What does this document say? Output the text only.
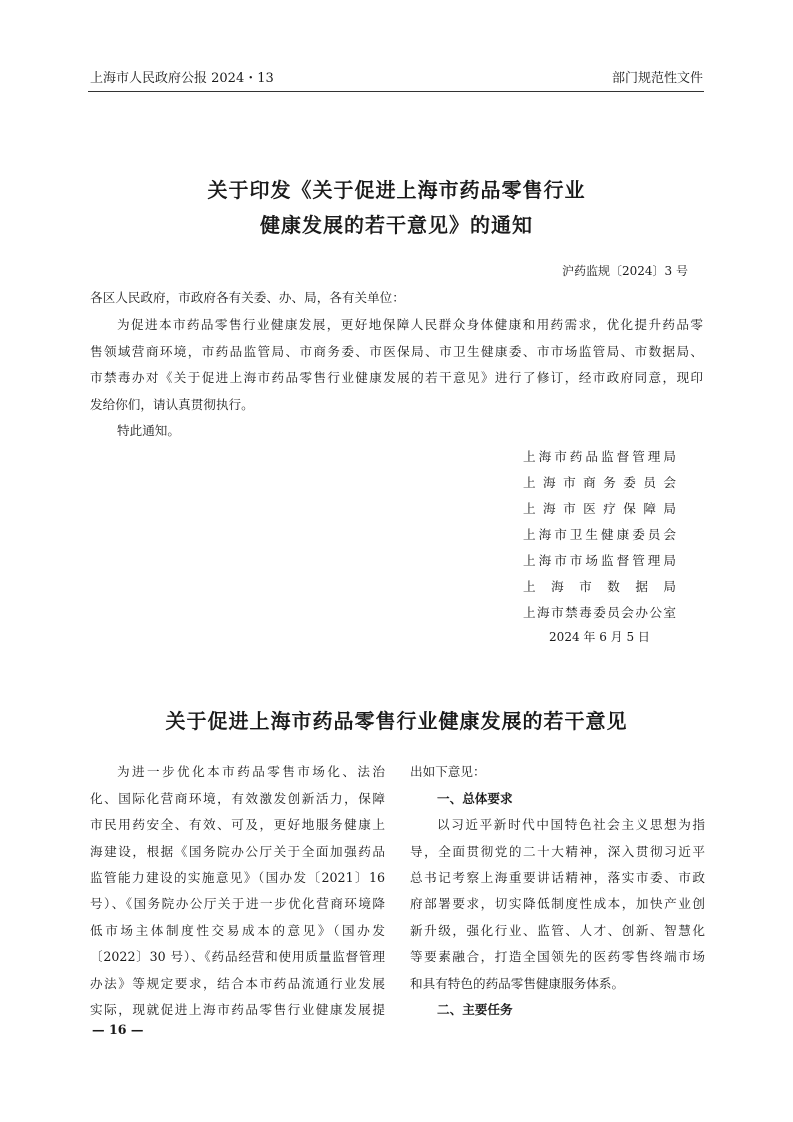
上海市人民政府公报 2024・13	部门规范性文件
关于印发《关于促进上海市药品零售行业
健康发展的若干意见》的通知
沪药监规〔2024〕3 号
各区人民政府，市政府各有关委、办、局，各有关单位：
为促进本市药品零售行业健康发展，更好地保障人民群众身体健康和用药需求，优化提升药品零
售领域营商环境，市药品监管局、市商务委、市医保局、市卫生健康委、市市场监管局、市数据局、
市禁毒办对《关于促进上海市药品零售行业健康发展的若干意见》进行了修订，经市政府同意，现印
发给你们，请认真贯彻执行。
特此通知。
上海市药品监督管理局
上海市商务委员会
上海市医疗保障局
上海市卫生健康委员会
上海市市场监督管理局
上海市数据局
上海市禁毒委员会办公室
2024 年 6 月 5 日
关于促进上海市药品零售行业健康发展的若干意见
为进一步优化本市药品零售市场化、法治
化、国际化营商环境，有效激发创新活力，保障
市民用药安全、有效、可及，更好地服务健康上
海建设，根据《国务院办公厅关于全面加强药品
监管能力建设的实施意见》（国办发〔2021〕16
号）、《国务院办公厅关于进一步优化营商环境降
低市场主体制度性交易成本的意见》（国办发
〔2022〕30 号）、《药品经营和使用质量监督管理
办法》等规定要求，结合本市药品流通行业发展
实际，现就促进上海市药品零售行业健康发展提
出如下意见：
一、总体要求
以习近平新时代中国特色社会主义思想为指
导，全面贯彻党的二十大精神，深入贯彻习近平
总书记考察上海重要讲话精神，落实市委、市政
府部署要求，切实降低制度性成本，加快产业创
新升级，强化行业、监管、人才、创新、智慧化
等要素融合，打造全国领先的医药零售终端市场
和具有特色的药品零售健康服务体系。
二、主要任务
— 16 —
